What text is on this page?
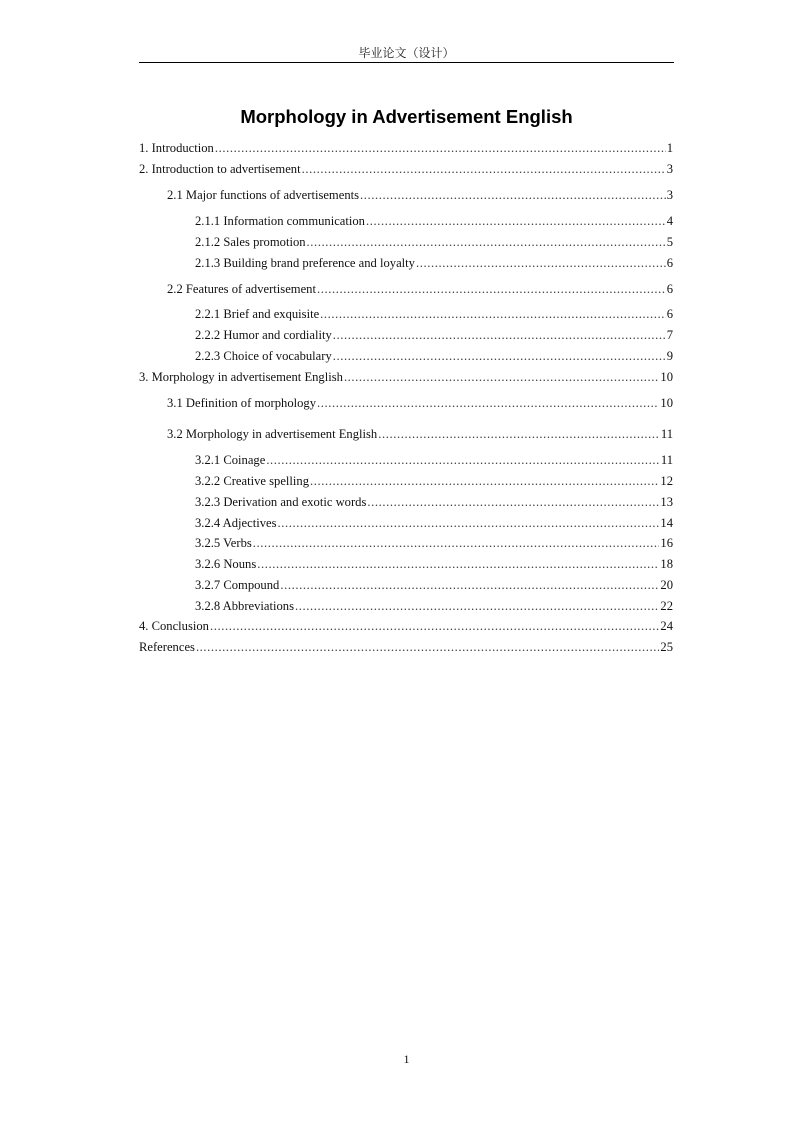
毕业论文（设计）
Morphology in Advertisement English
1. Introduction .....	1
2. Introduction to advertisement .....	3
2.1 Major functions of advertisements .....	3
2.1.1 Information communication .....	4
2.1.2 Sales promotion .....	5
2.1.3 Building brand preference and loyalty .....	6
2.2 Features of advertisement .....	6
2.2.1 Brief and exquisite .....	6
2.2.2 Humor and cordiality .....	7
2.2.3 Choice of vocabulary .....	9
3. Morphology in advertisement English .....	10
3.1 Definition of morphology .....	10
3.2 Morphology in advertisement English .....	11
3.2.1 Coinage .....	11
3.2.2 Creative spelling .....	12
3.2.3 Derivation and exotic words .....	13
3.2.4 Adjectives .....	14
3.2.5 Verbs .....	16
3.2.6 Nouns .....	18
3.2.7 Compound .....	20
3.2.8 Abbreviations .....	22
4. Conclusion .....	24
References .....	25
1
